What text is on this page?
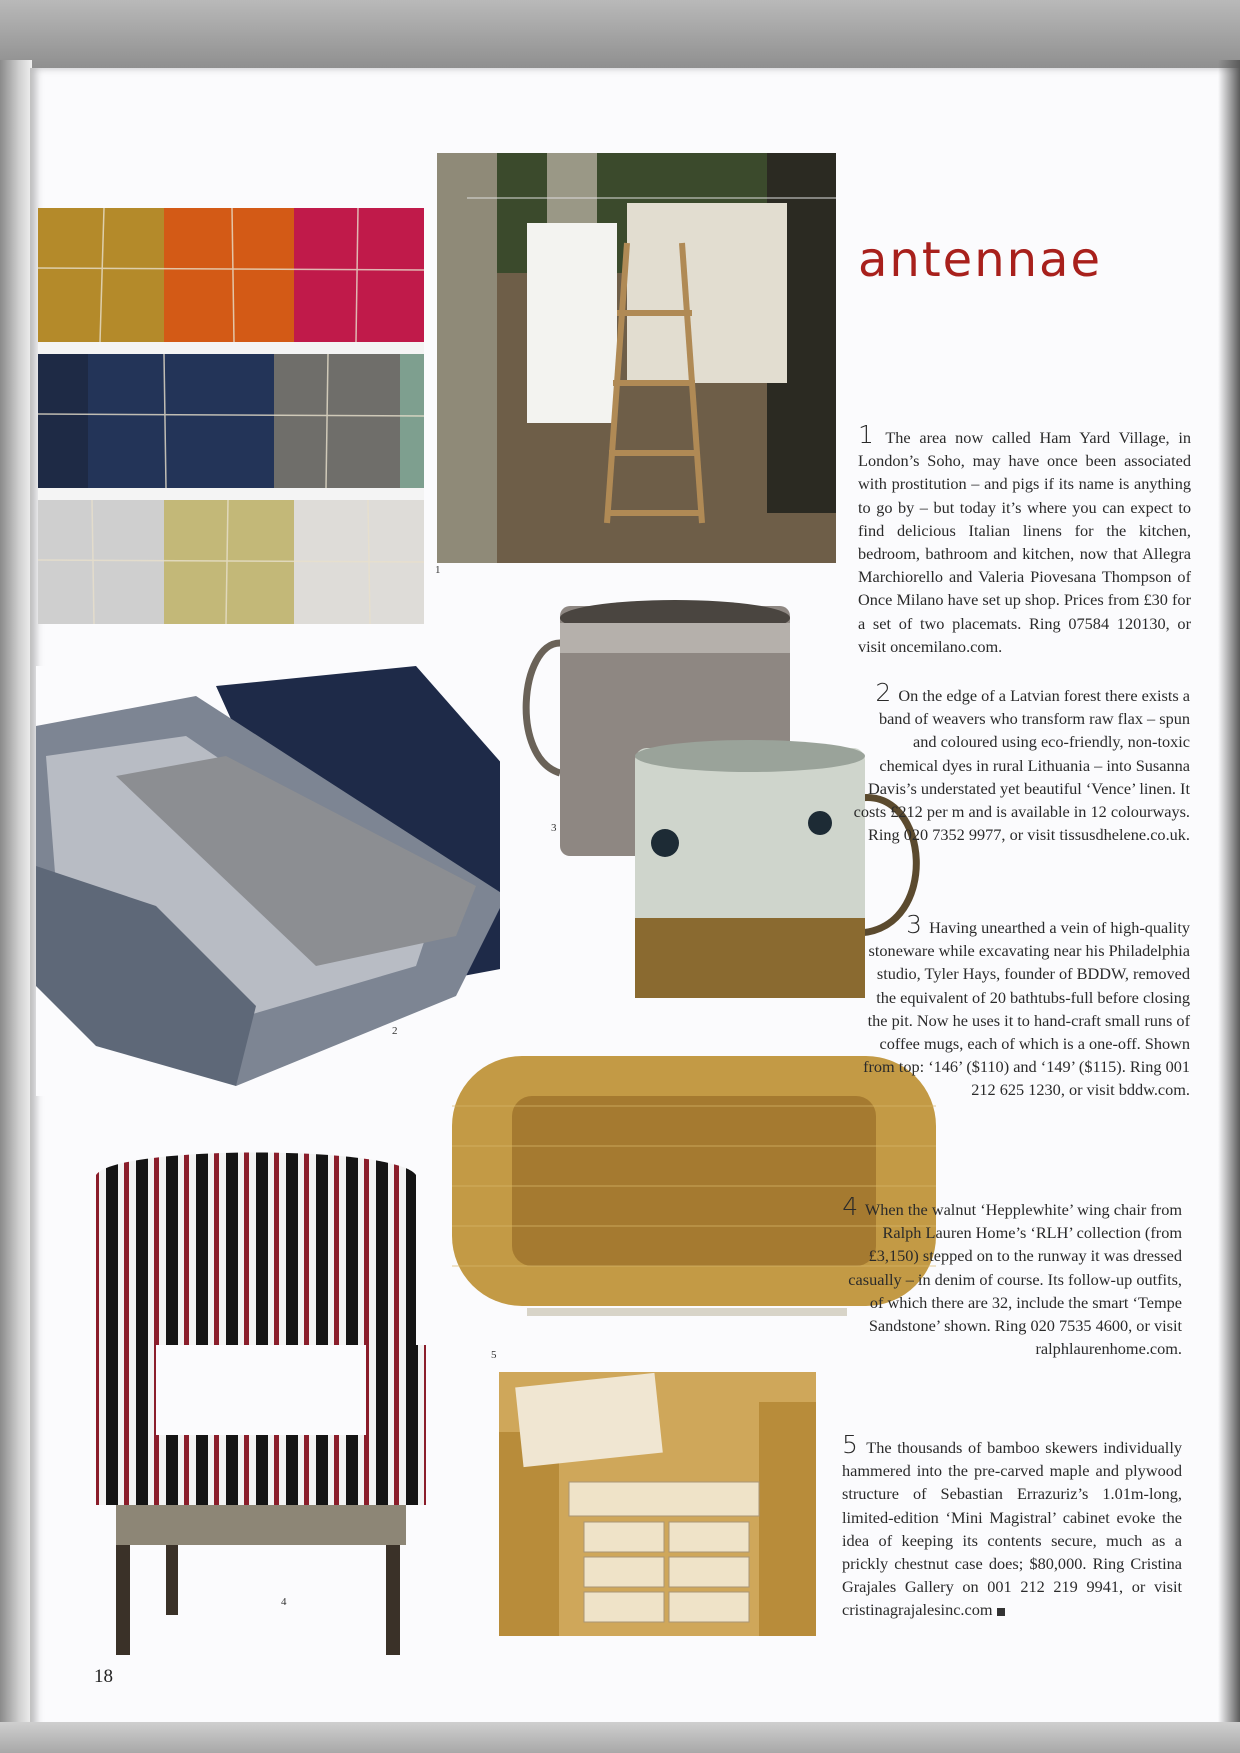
antennae
1
2
3
5
4
18

1 The area now called Ham Yard Village, in London’s Soho, may have once been associated with prostitution – and pigs if its name is anything to go by – but today it’s where you can expect to find delicious Italian linens for the kitchen, bedroom, bathroom and kitchen, now that Allegra Marchiorello and Valeria Piovesana Thompson of Once Milano have set up shop. Prices from £30 for a set of two placemats. Ring 07584 120130, or visit oncemilano.com.

2 On the edge of a Latvian forest there exists a band of weavers who transform raw flax – spun and coloured using eco-friendly, non-toxic chemical dyes in rural Lithuania – into Susanna Davis’s understated yet beautiful ‘Vence’ linen. It costs £212 per m and is available in 12 colourways. Ring 020 7352 9977, or visit tissusdhelene.co.uk.

3 Having unearthed a vein of high-quality stoneware while excavating near his Philadelphia studio, Tyler Hays, founder of BDDW, removed the equivalent of 20 bathtubs-full before closing the pit. Now he uses it to hand-craft small runs of coffee mugs, each of which is a one-off. Shown from top: ‘146’ ($110) and ‘149’ ($115). Ring 001 212 625 1230, or visit bddw.com.

4 When the walnut ‘Hepplewhite’ wing chair from Ralph Lauren Home’s ‘RLH’ collection (from £3,150) stepped on to the runway it was dressed casually – in denim of course. Its follow-up outfits, of which there are 32, include the smart ‘Tempe Sandstone’ shown. Ring 020 7535 4600, or visit ralphlaurenhome.com.

5 The thousands of bamboo skewers individually hammered into the pre-carved maple and plywood structure of Sebastian Errazuriz’s 1.01m-long, limited-edition ‘Mini Magistral’ cabinet evoke the idea of keeping its contents secure, much as a prickly chestnut case does; $80,000. Ring Cristina Grajales Gallery on 001 212 219 9941, or visit cristinagrajalesinc.com
